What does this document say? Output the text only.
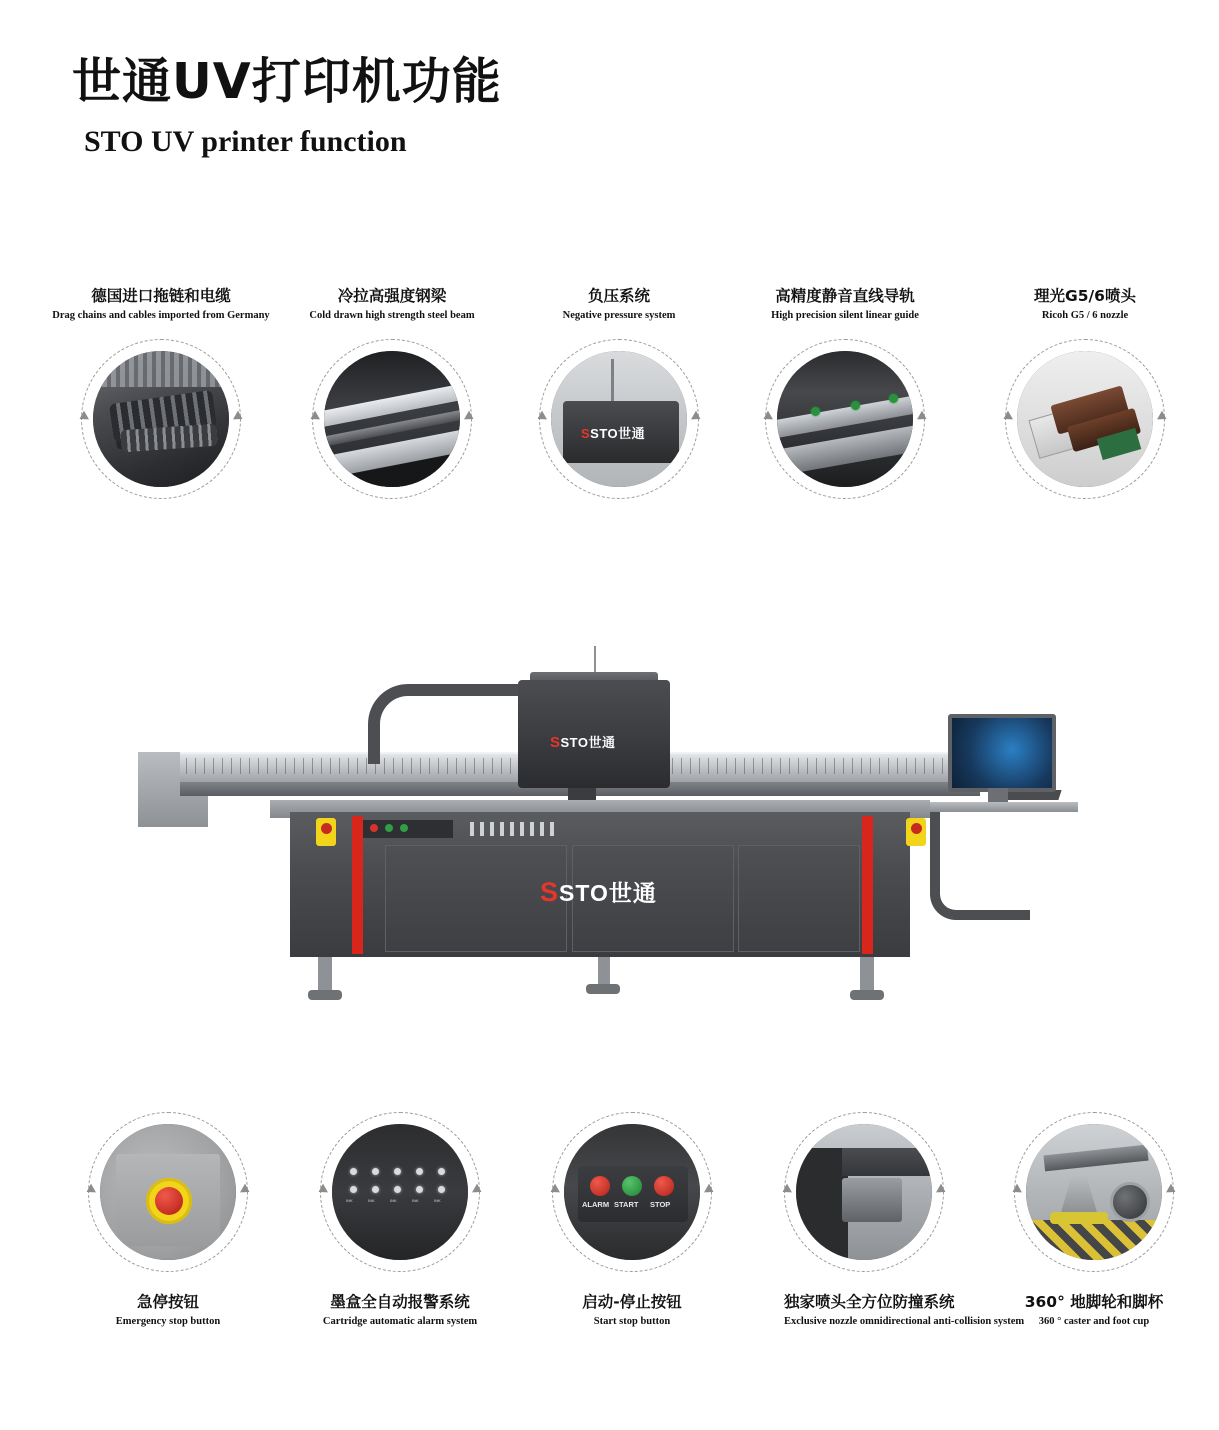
世通UV打印机功能
STO UV printer function
德国进口拖链和电缆
Drag chains and cables imported from Germany
冷拉高强度钢梁
Cold drawn high strength steel beam
负压系统
Negative pressure system
SSTO世通
高精度静音直线导轨
High precision silent linear guide
理光G5/6喷头
Ricoh G5 / 6 nozzle
SSTO世通
SSTO世通
急停按钮
Emergency stop button
INK	INK	INK	INK	INK
墨盒全自动报警系统
Cartridge automatic alarm system
ALARM START STOP
启动-停止按钮
Start stop button
独家喷头全方位防撞系统
Exclusive nozzle omnidirectional anti-collision system
360° 地脚轮和脚杯
360 ° caster and foot cup
